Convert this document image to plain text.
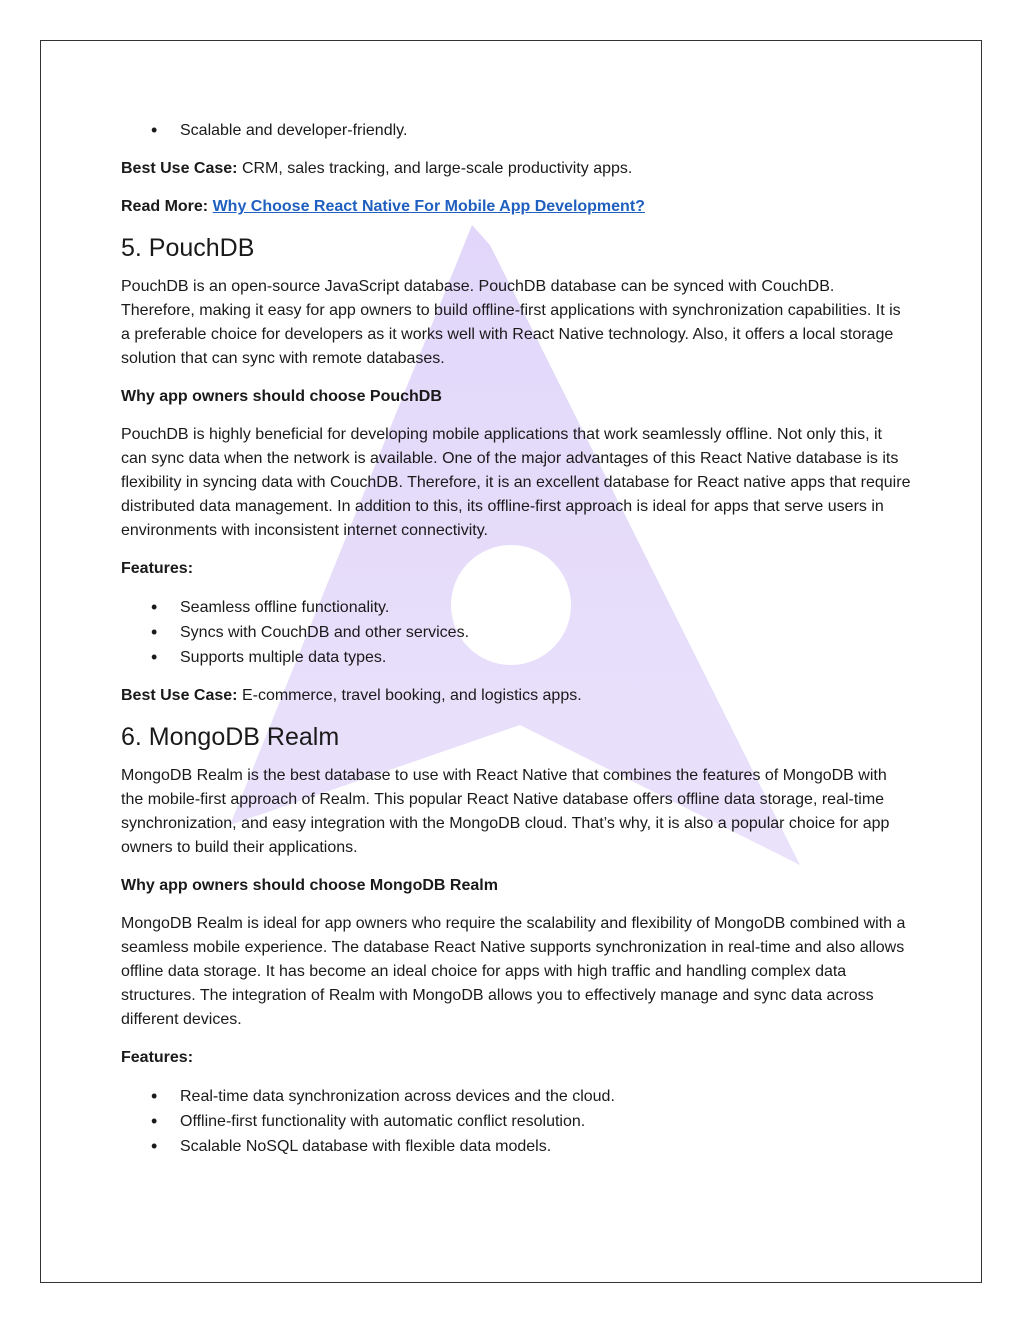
• Scalable and developer-friendly.

Best Use Case: CRM, sales tracking, and large-scale productivity apps.

Read More: Why Choose React Native For Mobile App Development?

5. PouchDB

PouchDB is an open-source JavaScript database. PouchDB database can be synced with CouchDB. Therefore, making it easy for app owners to build offline-first applications with synchronization capabilities. It is a preferable choice for developers as it works well with React Native technology. Also, it offers a local storage solution that can sync with remote databases.

Why app owners should choose PouchDB

PouchDB is highly beneficial for developing mobile applications that work seamlessly offline. Not only this, it can sync data when the network is available. One of the major advantages of this React Native database is its flexibility in syncing data with CouchDB. Therefore, it is an excellent database for React native apps that require distributed data management. In addition to this, its offline-first approach is ideal for apps that serve users in environments with inconsistent internet connectivity.

Features:

• Seamless offline functionality.
• Syncs with CouchDB and other services.
• Supports multiple data types.

Best Use Case: E-commerce, travel booking, and logistics apps.

6. MongoDB Realm

MongoDB Realm is the best database to use with React Native that combines the features of MongoDB with the mobile-first approach of Realm. This popular React Native database offers offline data storage, real-time synchronization, and easy integration with the MongoDB cloud. That’s why, it is also a popular choice for app owners to build their applications.

Why app owners should choose MongoDB Realm

MongoDB Realm is ideal for app owners who require the scalability and flexibility of MongoDB combined with a seamless mobile experience. The database React Native supports synchronization in real-time and also allows offline data storage. It has become an ideal choice for apps with high traffic and handling complex data structures. The integration of Realm with MongoDB allows you to effectively manage and sync data across different devices.

Features:

• Real-time data synchronization across devices and the cloud.
• Offline-first functionality with automatic conflict resolution.
• Scalable NoSQL database with flexible data models.
